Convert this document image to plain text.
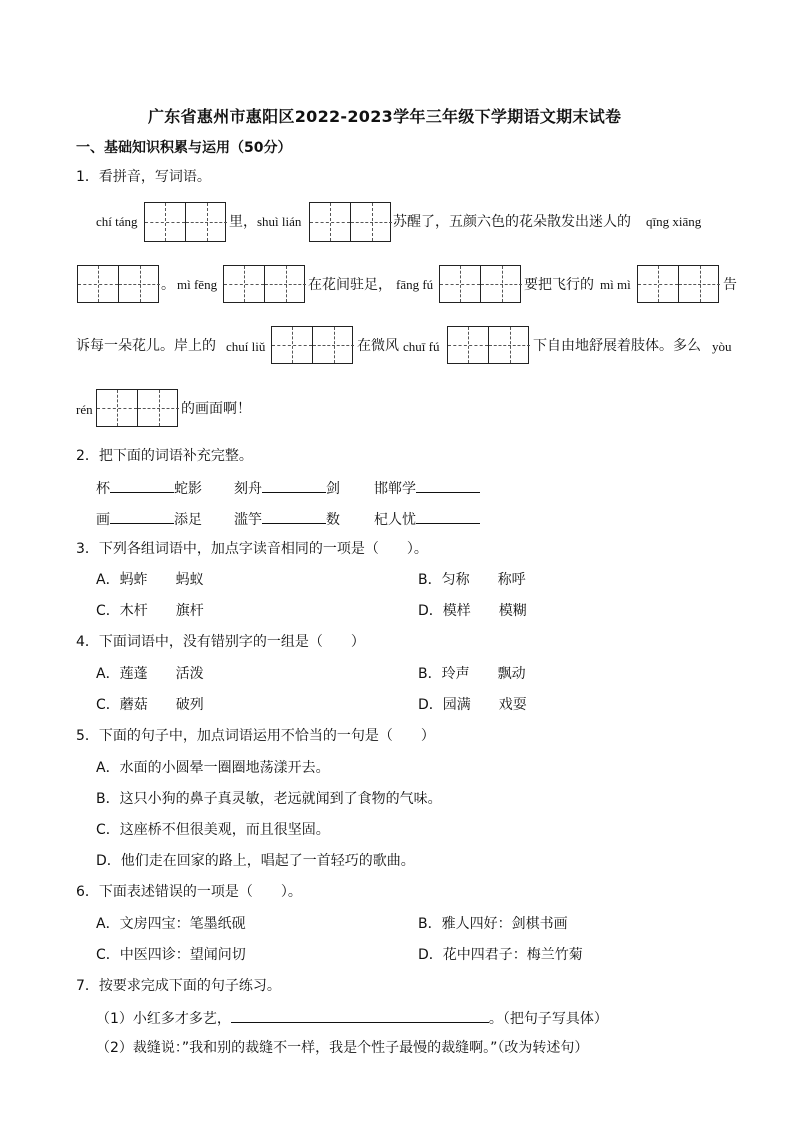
广东省惠州市惠阳区2022-2023学年三年级下学期语文期末试卷
一、基础知识积累与运用（50分）
1．看拼音，写词语。
chí táng	里， shuì lián	苏醒了，五颜六色的花朵散发出迷人的 qīng xiāng
。 mì fēng	在花间驻足， fāng fú	要把飞行的 mì mì	告
诉每一朵花儿。岸上的 chuí liǔ	在微风 chuī fú	下自由地舒展着肢体。多么 yòu
rén	的画面啊！
2．把下面的词语补充完整。
杯	蛇影 刻舟	剑 邯郸学
画	添足 滥竽	数 杞人忧
3．下列各组词语中，加点字读音相同的一项是（　　）。
A．蚂蚱　　蚂蚁	B．匀称　　称呼
C．木杆　　旗杆	D．模样　　模糊
4．下面词语中，没有错别字的一组是（　　）
A．莲蓬　　活泼	B．玲声　　飘动
C．蘑菇　　破列	D．园满　　戏耍
5．下面的句子中，加点词语运用不恰当的一句是（　　）
A．水面的小圆晕一圈圈地荡漾开去。
B．这只小狗的鼻子真灵敏，老远就闻到了食物的气味。
C．这座桥不但很美观，而且很坚固。
D．他们走在回家的路上，唱起了一首轻巧的歌曲。
6．下面表述错误的一项是（　　）。
A．文房四宝：笔墨纸砚	B．雅人四好：剑棋书画
C．中医四诊：望闻问切	D．花中四君子：梅兰竹菊
7．按要求完成下面的句子练习。
（1）小红多才多艺，	。（把句子写具体）
（2）裁缝说：”我和别的裁缝不一样，我是个性子最慢的裁缝啊。”（改为转述句）
